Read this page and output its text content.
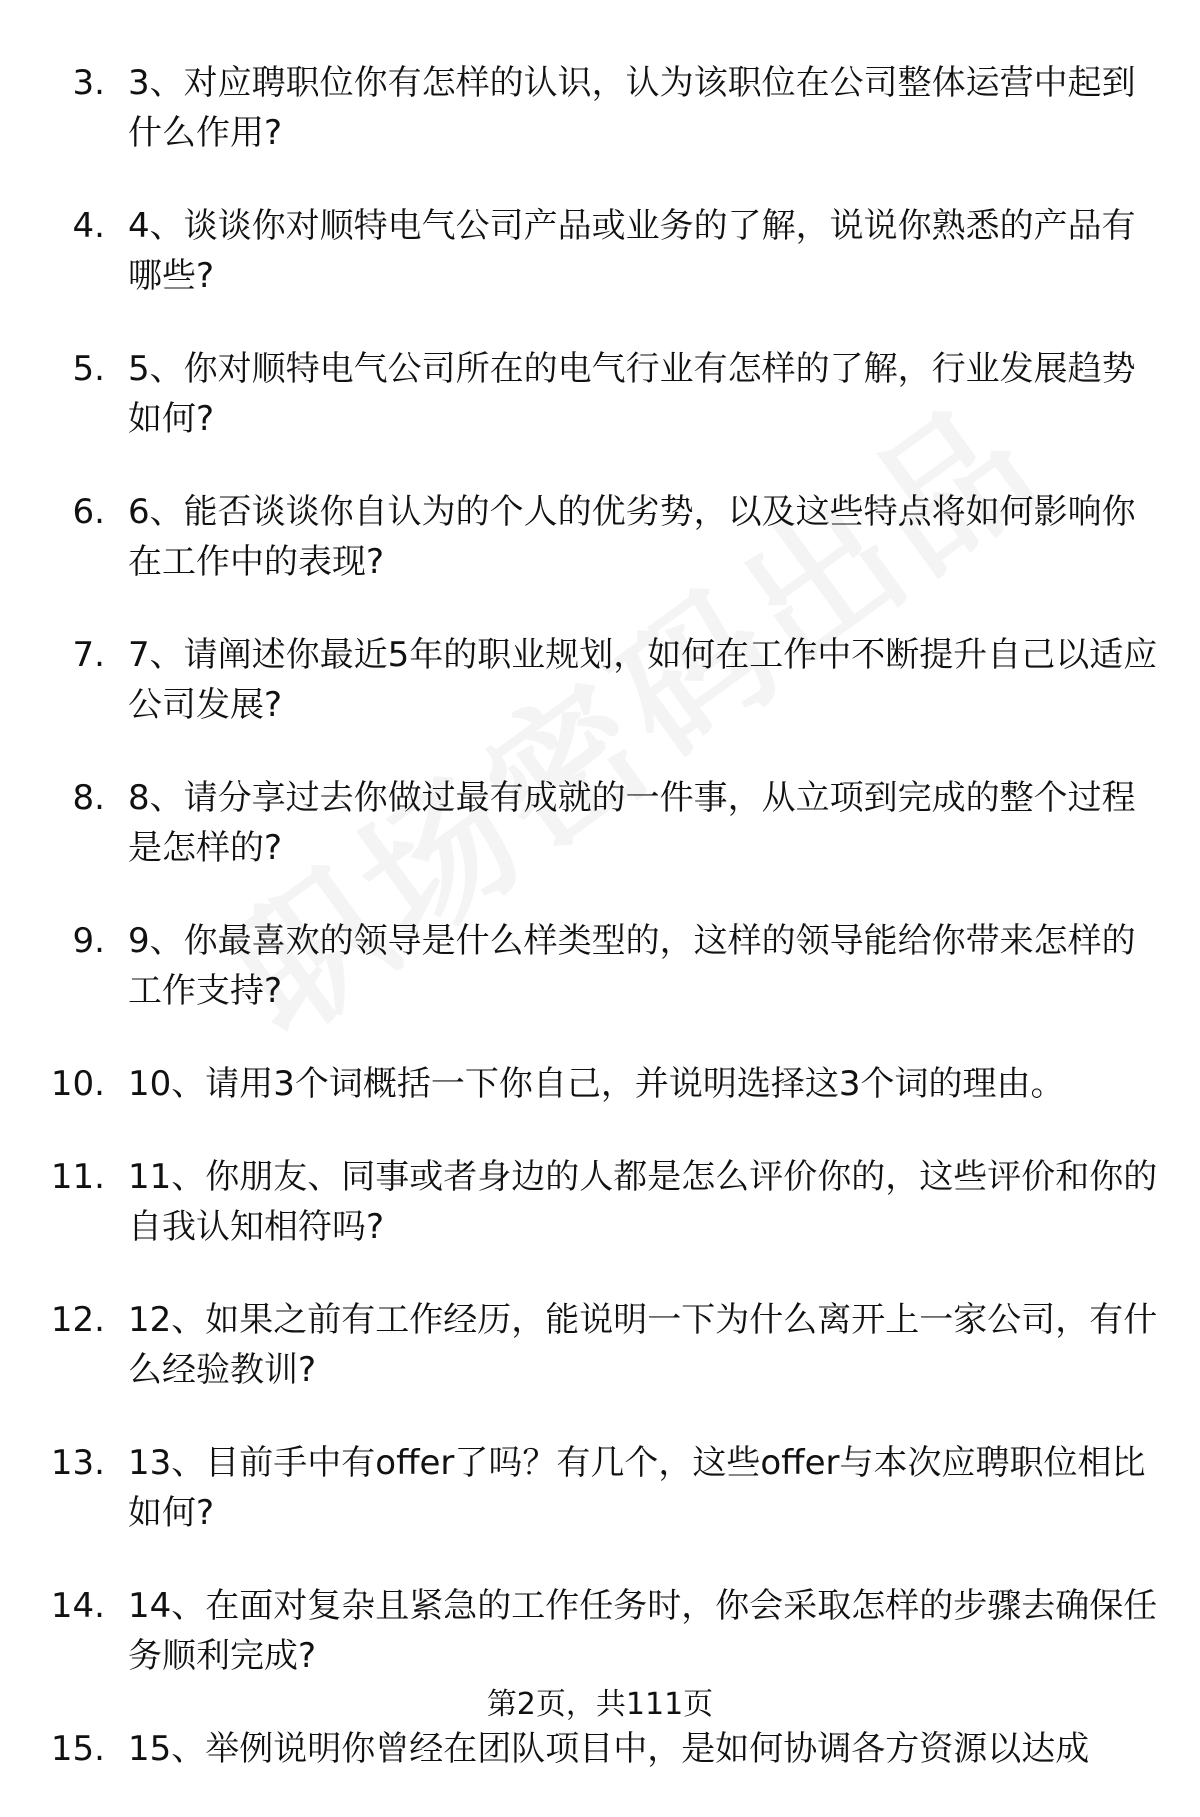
3. 3、对应聘职位你有怎样的认识，认为该职位在公司整体运营中起到什么作用?
4. 4、谈谈你对顺特电气公司产品或业务的了解，说说你熟悉的产品有哪些?
5. 5、你对顺特电气公司所在的电气行业有怎样的了解，行业发展趋势如何?
6. 6、能否谈谈你自认为的个人的优劣势，以及这些特点将如何影响你在工作中的表现?
7. 7、请阐述你最近5年的职业规划，如何在工作中不断提升自己以适应公司发展?
8. 8、请分享过去你做过最有成就的一件事，从立项到完成的整个过程是怎样的?
9. 9、你最喜欢的领导是什么样类型的，这样的领导能给你带来怎样的工作支持?
10. 10、请用3个词概括一下你自己，并说明选择这3个词的理由。
11. 11、你朋友、同事或者身边的人都是怎么评价你的，这些评价和你的自我认知相符吗?
12. 12、如果之前有工作经历，能说明一下为什么离开上一家公司，有什么经验教训?
13. 13、目前手中有offer了吗？有几个，这些offer与本次应聘职位相比如何?
14. 14、在面对复杂且紧急的工作任务时，你会采取怎样的步骤去确保任务顺利完成?
15. 15、举例说明你曾经在团队项目中，是如何协调各方资源以达成
第2页，共111页
